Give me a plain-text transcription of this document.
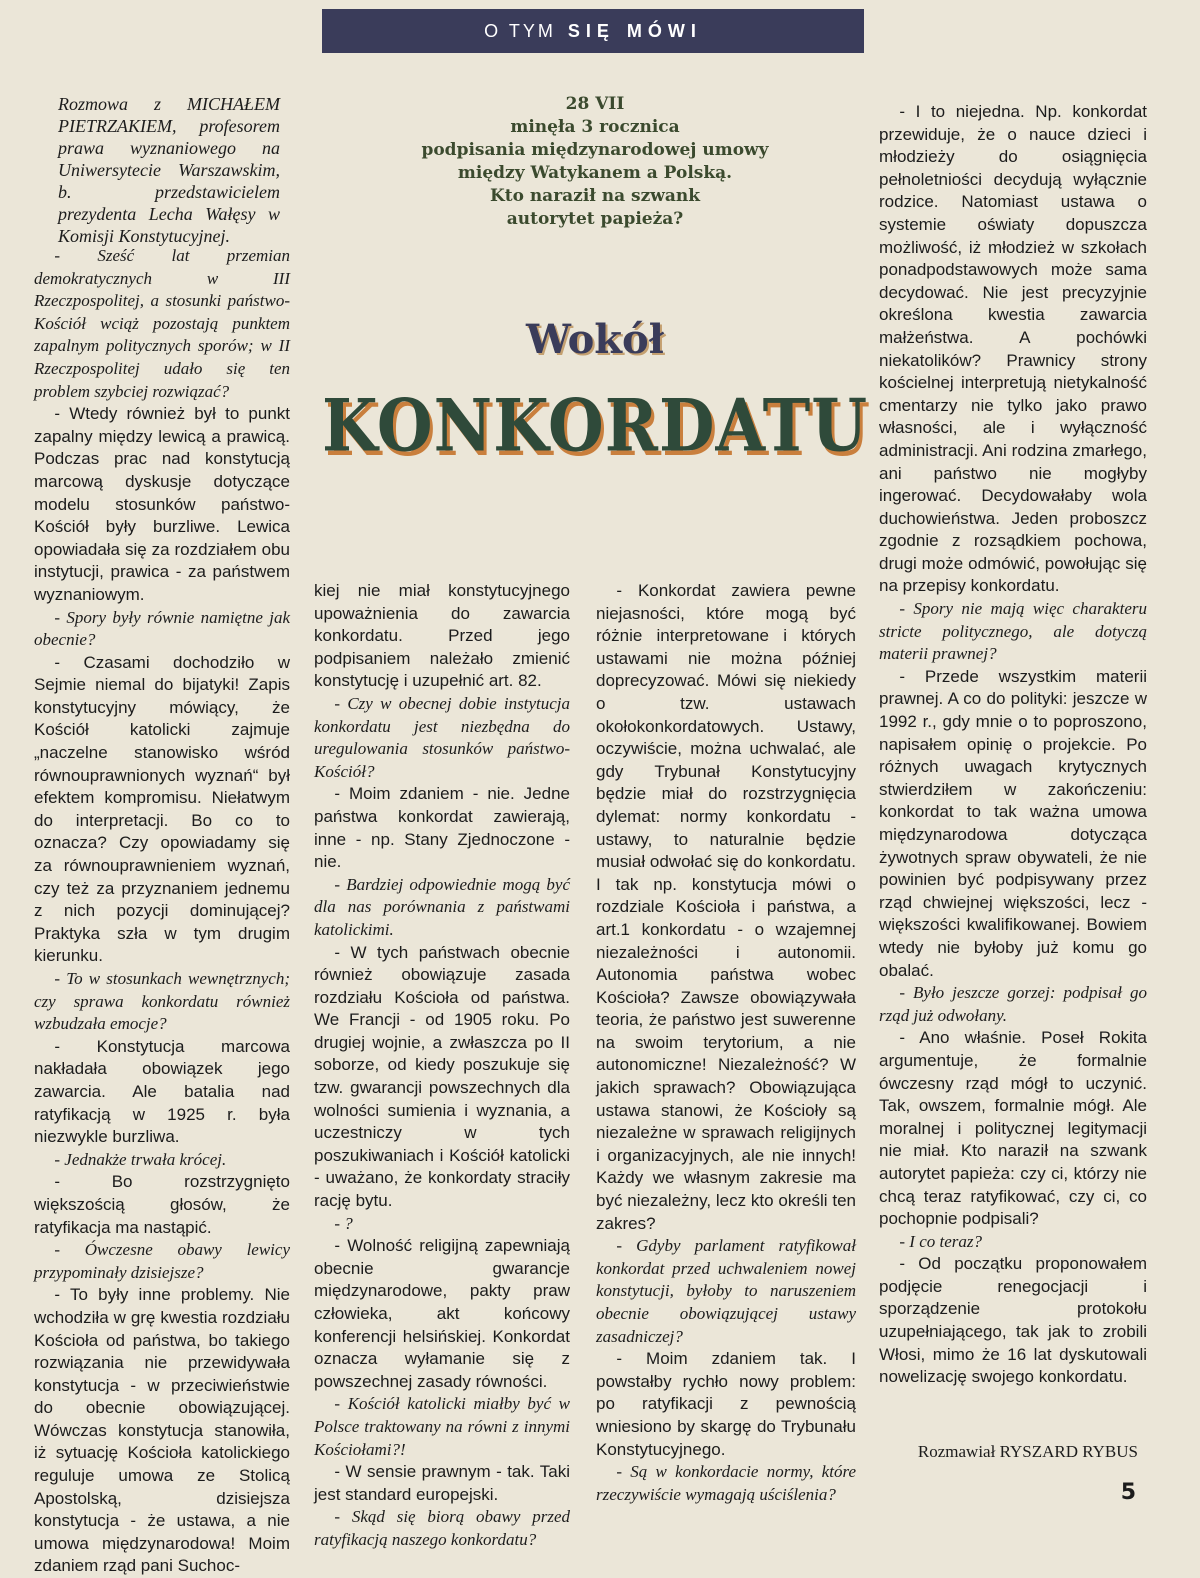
O TYM SIĘ MÓWI
Rozmowa z MICHAŁEM PIETRZAKIEM, profesorem prawa wyznaniowego na Uniwersytecie Warszawskim, b. przedstawicielem prezydenta Lecha Wałęsy w Komisji Konstytucyjnej.
28 VII
minęła 3 rocznica
podpisania międzynarodowej umowy
między Watykanem a Polską.
Kto naraził na szwank
autorytet papieża?
Wokół
KONKORDATU

- Sześć lat przemian demokratycznych w III Rzeczpospolitej, a stosunki państwo-Kościół wciąż pozostają punktem zapalnym politycznych sporów; w II Rzeczpospolitej udało się ten problem szybciej rozwiązać?

- Wtedy również był to punkt zapalny między lewicą a prawicą. Podczas prac nad konstytucją marcową dyskusje dotyczące modelu stosunków państwo-Kościół były burzliwe. Lewica opowiadała się za rozdziałem obu instytucji, prawica - za państwem wyznaniowym.

- Spory były równie namiętne jak obecnie?

- Czasami dochodziło w Sejmie niemal do bijatyki! Zapis konstytucyjny mówiący, że Kościół katolicki zajmuje „naczelne stanowisko wśród równouprawnionych wyznań“ był efektem kompromisu. Niełatwym do interpretacji. Bo co to oznacza? Czy opowiadamy się za równouprawnieniem wyznań, czy też za przyznaniem jednemu z nich pozycji dominującej? Praktyka szła w tym drugim kierunku.

- To w stosunkach wewnętrznych; czy sprawa konkordatu również wzbudzała emocje?

- Konstytucja marcowa nakładała obowiązek jego zawarcia. Ale batalia nad ratyfikacją w 1925 r. była niezwykle burzliwa.

- Jednakże trwała krócej.

- Bo rozstrzygnięto większością głosów, że ratyfikacja ma nastąpić.

- Ówczesne obawy lewicy przypominały dzisiejsze?

- To były inne problemy. Nie wchodziła w grę kwestia rozdziału Kościoła od państwa, bo takiego rozwiązania nie przewidywała konstytucja - w przeciwieństwie do obecnie obowiązującej. Wówczas konstytucja stanowiła, iż sytuację Kościoła katolickiego reguluje umowa ze Stolicą Apostolską, dzisiejsza konstytucja - że ustawa, a nie umowa międzynarodowa! Moim zdaniem rząd pani Suchoc-

kiej nie miał konstytucyjnego upoważnienia do zawarcia konkordatu. Przed jego podpisaniem należało zmienić konstytucję i uzupełnić art. 82.

- Czy w obecnej dobie instytucja konkordatu jest niezbędna do uregulowania stosunków państwo-Kościół?

- Moim zdaniem - nie. Jedne państwa konkordat zawierają, inne - np. Stany Zjednoczone - nie.

- Bardziej odpowiednie mogą być dla nas porównania z państwami katolickimi.

- W tych państwach obecnie również obowiązuje zasada rozdziału Kościoła od państwa. We Francji - od 1905 roku. Po drugiej wojnie, a zwłaszcza po II soborze, od kiedy poszukuje się tzw. gwarancji powszechnych dla wolności sumienia i wyznania, a uczestniczy w tych poszukiwaniach i Kościół katolicki - uważano, że konkordaty straciły rację bytu.

- ?

- Wolność religijną zapewniają obecnie gwarancje międzynarodowe, pakty praw człowieka, akt końcowy konferencji helsińskiej. Konkordat oznacza wyłamanie się z powszechnej zasady równości.

- Kościół katolicki miałby być w Polsce traktowany na równi z innymi Kościołami?!

- W sensie prawnym - tak. Taki jest standard europejski.

- Skąd się biorą obawy przed ratyfikacją naszego konkordatu?

- Konkordat zawiera pewne niejasności, które mogą być różnie interpretowane i których ustawami nie można później doprecyzować. Mówi się niekiedy o tzw. ustawach okołokonkordatowych. Ustawy, oczywiście, można uchwalać, ale gdy Trybunał Konstytucyjny będzie miał do rozstrzygnięcia dylemat: normy konkordatu - ustawy, to naturalnie będzie musiał odwołać się do konkordatu. I tak np. konstytucja mówi o rozdziale Kościoła i państwa, a art.1 konkordatu - o wzajemnej niezależności i autonomii. Autonomia państwa wobec Kościoła? Zawsze obowiązywała teoria, że państwo jest suwerenne na swoim terytorium, a nie autonomiczne! Niezależność? W jakich sprawach? Obowiązująca ustawa stanowi, że Kościoły są niezależne w sprawach religijnych i organizacyjnych, ale nie innych! Każdy we własnym zakresie ma być niezależny, lecz kto określi ten zakres?

- Gdyby parlament ratyfikował konkordat przed uchwaleniem nowej konstytucji, byłoby to naruszeniem obecnie obowiązującej ustawy zasadniczej?

- Moim zdaniem tak. I powstałby rychło nowy problem: po ratyfikacji z pewnością wniesiono by skargę do Trybunału Konstytucyjnego.

- Są w konkordacie normy, które rzeczywiście wymagają uściślenia?

- I to niejedna. Np. konkordat przewiduje, że o nauce dzieci i młodzieży do osiągnięcia pełnoletniości decydują wyłącznie rodzice. Natomiast ustawa o systemie oświaty dopuszcza możliwość, iż młodzież w szkołach ponadpodstawowych może sama decydować. Nie jest precyzyjnie określona kwestia zawarcia małżeństwa. A pochówki niekatolików? Prawnicy strony kościelnej interpretują nietykalność cmentarzy nie tylko jako prawo własności, ale i wyłączność administracji. Ani rodzina zmarłego, ani państwo nie mogłyby ingerować. Decydowałaby wola duchowieństwa. Jeden proboszcz zgodnie z rozsądkiem pochowa, drugi może odmówić, powołując się na przepisy konkordatu.

- Spory nie mają więc charakteru stricte politycznego, ale dotyczą materii prawnej?

- Przede wszystkim materii prawnej. A co do polityki: jeszcze w 1992 r., gdy mnie o to poproszono, napisałem opinię o projekcie. Po różnych uwagach krytycznych stwierdziłem w zakończeniu: konkordat to tak ważna umowa międzynarodowa dotycząca żywotnych spraw obywateli, że nie powinien być podpisywany przez rząd chwiejnej większości, lecz - większości kwalifikowanej. Bowiem wtedy nie byłoby już komu go obalać.

- Było jeszcze gorzej: podpisał go rząd już odwołany.

- Ano właśnie. Poseł Rokita argumentuje, że formalnie ówczesny rząd mógł to uczynić. Tak, owszem, formalnie mógł. Ale moralnej i politycznej legitymacji nie miał. Kto naraził na szwank autorytet papieża: czy ci, którzy nie chcą teraz ratyfikować, czy ci, co pochopnie podpisali?

- I co teraz?

- Od początku proponowałem podjęcie renegocjacji i sporządzenie protokołu uzupełniającego, tak jak to zrobili Włosi, mimo że 16 lat dyskutowali nowelizację swojego konkordatu.

Rozmawiał RYSZARD RYBUS
5
